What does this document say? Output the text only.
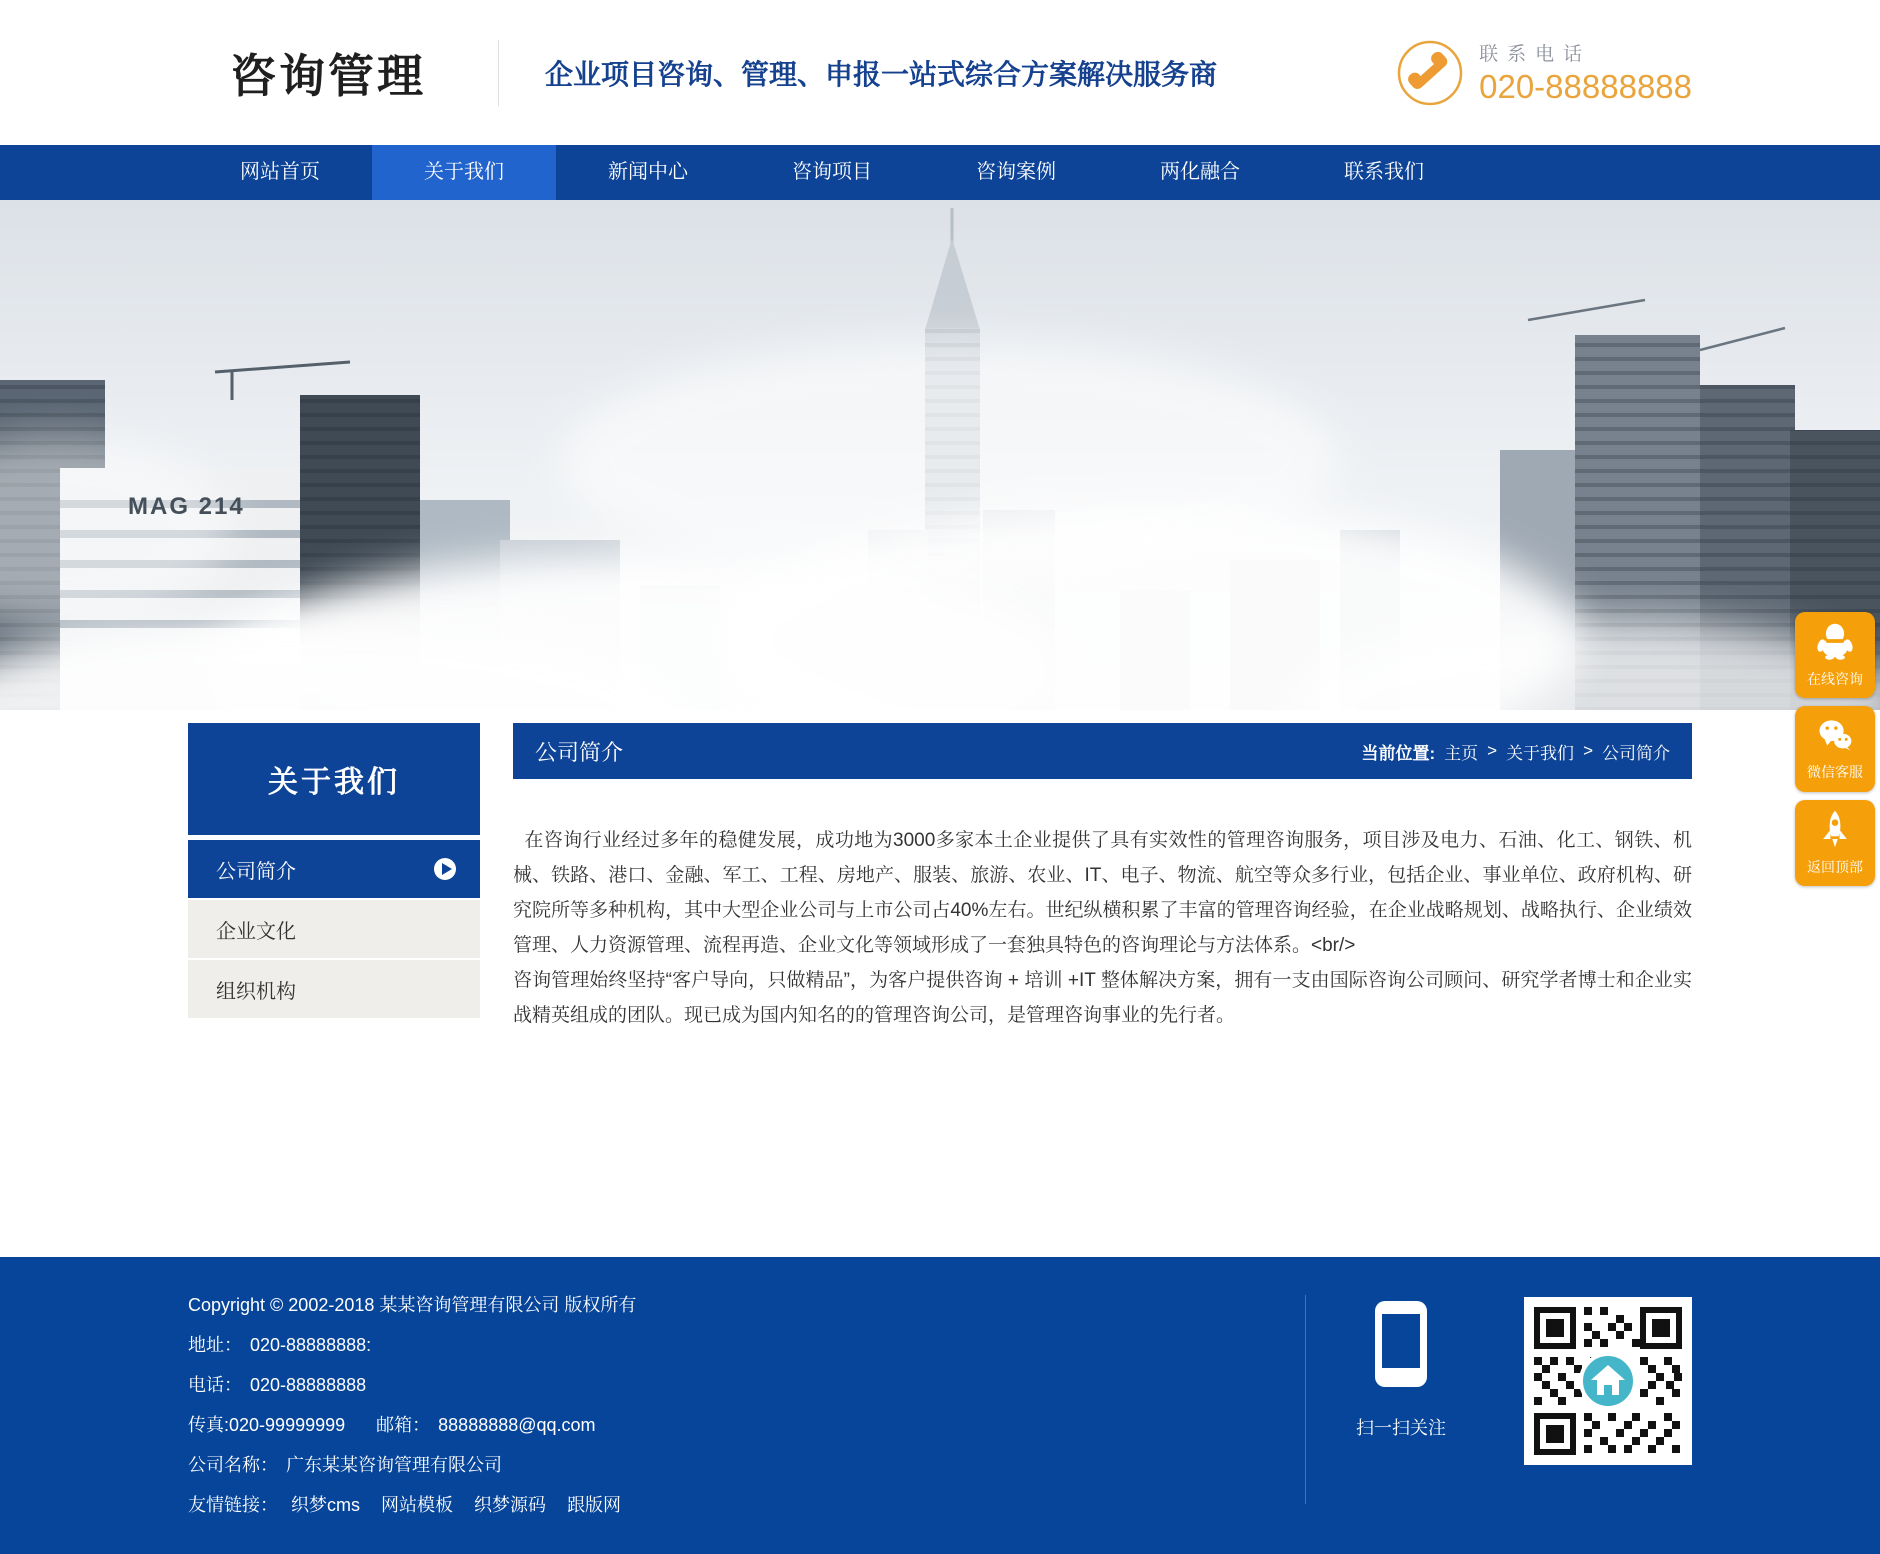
咨询管理	企业项目咨询、管理、申报一站式综合方案解决服务商
联系电话
020-88888888
网站首页	关于我们	新闻中心	咨询项目	咨询案例	两化融合	联系我们
MAG 214
关于我们
公司简介
企业文化
组织机构
公司简介	当前位置: 主页 > 关于我们 > 公司简介

在咨询行业经过多年的稳健发展，成功地为3000多家本土企业提供了具有实效性的管理咨询服务，项目涉及电力、石油、化工、钢铁、机械、铁路、港口、金融、军工、工程、房地产、服装、旅游、农业、IT、电子、物流、航空等众多行业，包括企业、事业单位、政府机构、研究院所等多种机构，其中大型企业公司与上市公司占40%左右。世纪纵横积累了丰富的管理咨询经验，在企业战略规划、战略执行、企业绩效管理、人力资源管理、流程再造、企业文化等领域形成了一套独具特色的咨询理论与方法体系。<br/>

咨询管理始终坚持“客户导向，只做精品”，为客户提供咨询 + 培训 +IT 整体解决方案，拥有一支由国际咨询公司顾问、研究学者博士和企业实战精英组成的团队。现已成为国内知名的的管理咨询公司，是管理咨询事业的先行者。

Copyright © 2002-2018 某某咨询管理有限公司 版权所有
地址： 020-88888888:
电话： 020-88888888
传真:020-99999999 邮箱： 88888888@qq.com
公司名称： 广东某某咨询管理有限公司
友情链接： 织梦cms 网站模板 织梦源码 跟版网
扫一扫关注
在线咨询
微信客服
返回顶部
